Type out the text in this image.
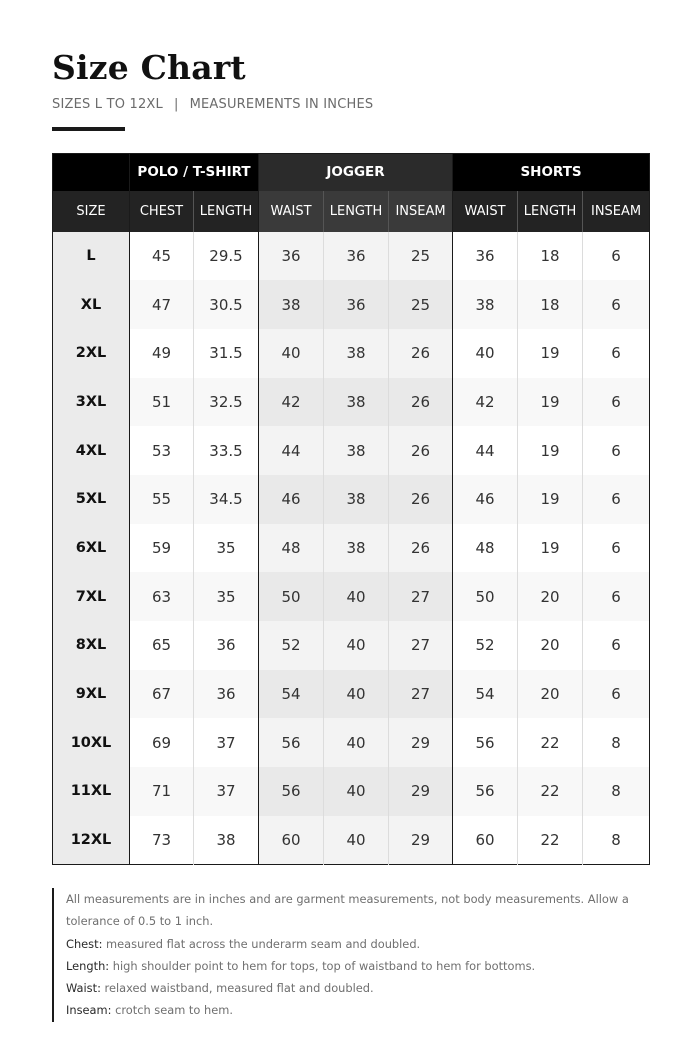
Size Chart
SIZES L TO 12XL | MEASUREMENTS IN INCHES
	POLO / T-SHIRT		JOGGER			SHORTS		
SIZE	CHEST	LENGTH	WAIST	LENGTH	INSEAM	WAIST	LENGTH	INSEAM
L	45	29.5	36	36	25	36	18	6
XL	47	30.5	38	36	25	38	18	6
2XL	49	31.5	40	38	26	40	19	6
3XL	51	32.5	42	38	26	42	19	6
4XL	53	33.5	44	38	26	44	19	6
5XL	55	34.5	46	38	26	46	19	6
6XL	59	35	48	38	26	48	19	6
7XL	63	35	50	40	27	50	20	6
8XL	65	36	52	40	27	52	20	6
9XL	67	36	54	40	27	54	20	6
10XL	69	37	56	40	29	56	22	8
11XL	71	37	56	40	29	56	22	8
12XL	73	38	60	40	29	60	22	8
All measurements are in inches and are garment measurements, not body measurements. Allow a tolerance of 0.5 to 1 inch.
Chest: measured flat across the underarm seam and doubled.
Length: high shoulder point to hem for tops, top of waistband to hem for bottoms.
Waist: relaxed waistband, measured flat and doubled.
Inseam: crotch seam to hem.
